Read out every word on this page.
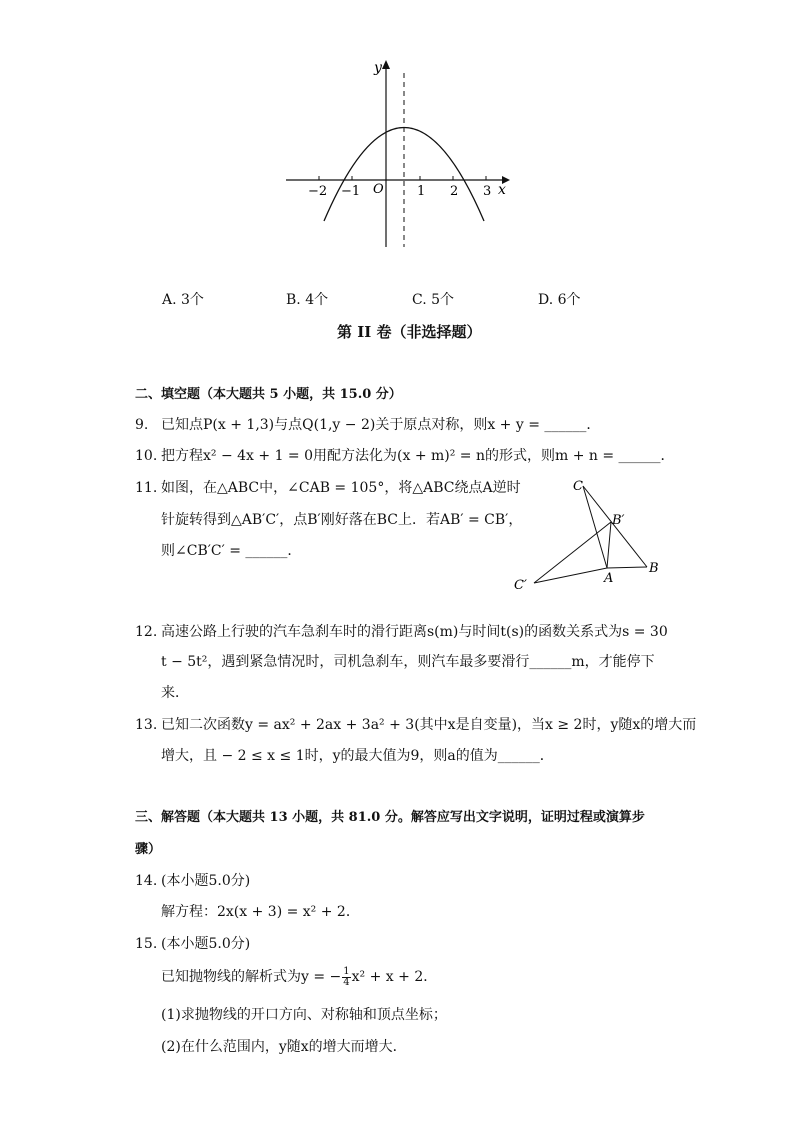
y
x
O
−2 −1	1 2 3
A. 3个	B. 4个	C. 5个	D. 6个
第 II 卷（非选择题）
二、填空题（本大题共 5 小题，共 15.0 分）
9. 已知点P(x + 1,3)与点Q(1,y − 2)关于原点对称，则x + y = ______．
10. 把方程x² − 4x + 1 = 0用配方法化为(x + m)² = n的形式，则m + n = ______．
11. 如图，在△ABC中，∠CAB = 105°，将△ABC绕点A逆时
针旋转得到△AB′C′，点B′刚好落在BC上．若AB′ = CB′，
则∠CB′C′ = ______．
C
B′
B
A
C′
12. 高速公路上行驶的汽车急刹车时的滑行距离s(m)与时间t(s)的函数关系式为s = 30
t − 5t²，遇到紧急情况时，司机急刹车，则汽车最多要滑行______m，才能停下
来．
13. 已知二次函数y = ax² + 2ax + 3a² + 3(其中x是自变量)，当x ≥ 2时，y随x的增大而
增大，且 − 2 ≤ x ≤ 1时，y的最大值为9，则a的值为______．
三、解答题（本大题共 13 小题，共 81.0 分。解答应写出文字说明，证明过程或演算步
骤）
14. (本小题5.0分)
解方程：2x(x + 3) = x² + 2．
15. (本小题5.0分)
已知抛物线的解析式为y = − $\frac{1}{4} x^2 + x + 2$．
(1)求抛物线的开口方向、对称轴和顶点坐标；
(2)在什么范围内，y随x的增大而增大．
